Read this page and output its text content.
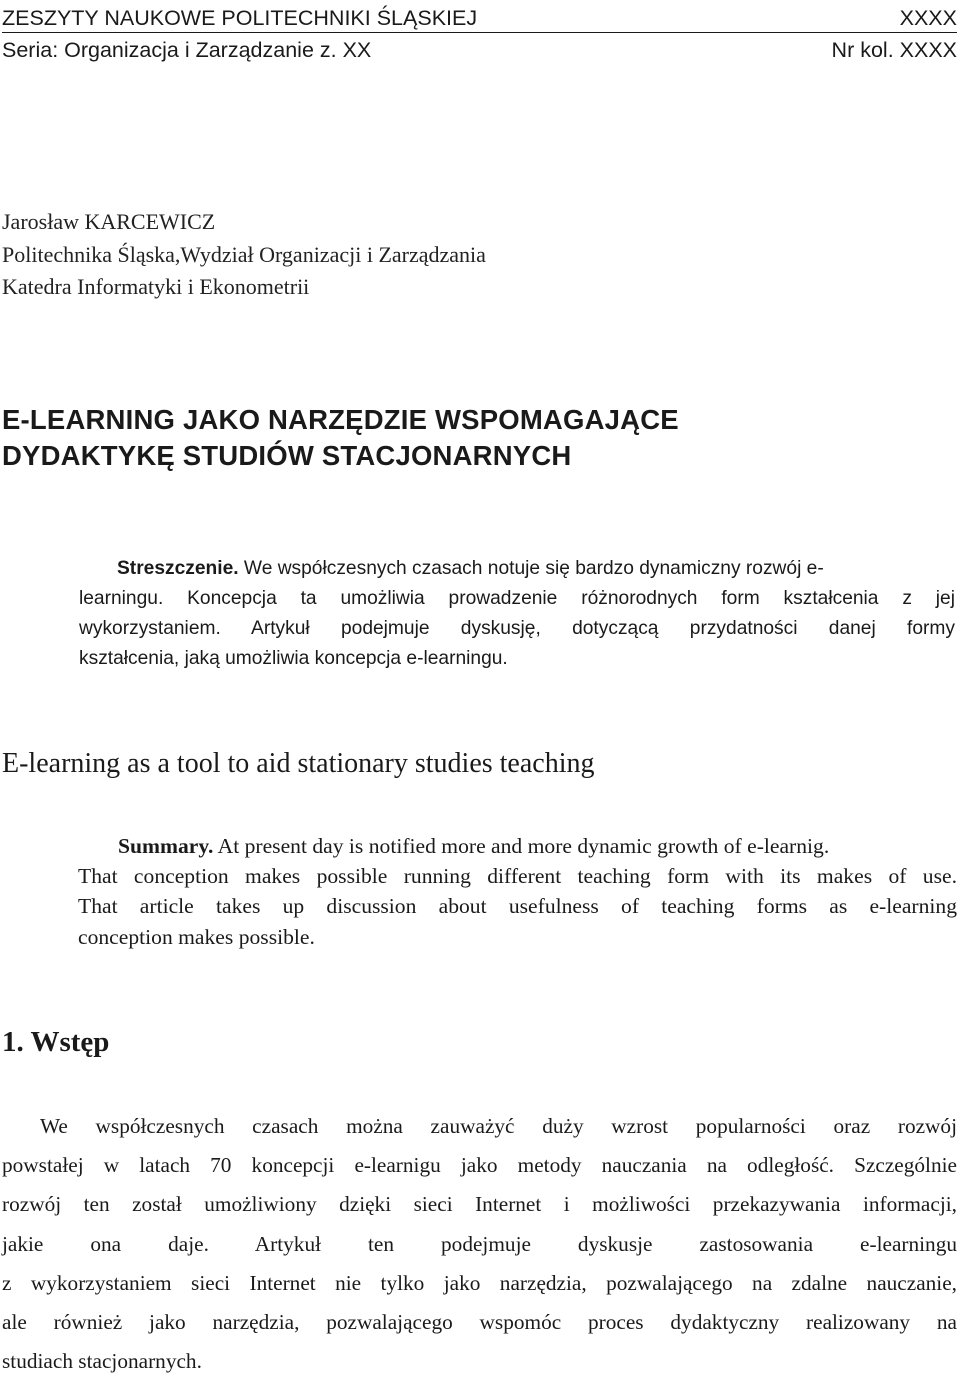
ZESZYTY NAUKOWE POLITECHNIKI ŚLĄSKIEJ	XXXX
Seria: Organizacja i Zarządzanie z. XX	Nr kol. XXXX
Jarosław KARCEWICZ
Politechnika Śląska,Wydział Organizacji i Zarządzania
Katedra Informatyki i Ekonometrii
E-LEARNING JAKO NARZĘDZIE WSPOMAGAJĄCE
DYDAKTYKĘ STUDIÓW STACJONARNYCH
Streszczenie. We współczesnych czasach notuje się bardzo dynamiczny rozwój e-
learningu. Koncepcja ta umożliwia prowadzenie różnorodnych form kształcenia z jej
wykorzystaniem. Artykuł podejmuje dyskusję, dotyczącą przydatności danej formy
kształcenia, jaką umożliwia koncepcja e-learningu.
E-learning as a tool to aid stationary studies teaching
Summary. At present day is notified more and more dynamic growth of e-learnig.
That conception makes possible running different teaching form with its makes of use.
That article takes up discussion about usefulness of teaching forms as e-learning
conception makes possible.
1. Wstęp
We współczesnych czasach można zauważyć duży wzrost popularności oraz rozwój
powstałej w latach 70 koncepcji e-learnigu jako metody nauczania na odległość. Szczególnie
rozwój ten został umożliwiony dzięki sieci Internet i możliwości przekazywania informacji,
jakie ona daje. Artykuł ten podejmuje dyskusje zastosowania e-learningu
z wykorzystaniem sieci Internet nie tylko jako narzędzia, pozwalającego na zdalne nauczanie,
ale również jako narzędzia, pozwalającego wspomóc proces dydaktyczny realizowany na
studiach stacjonarnych.
